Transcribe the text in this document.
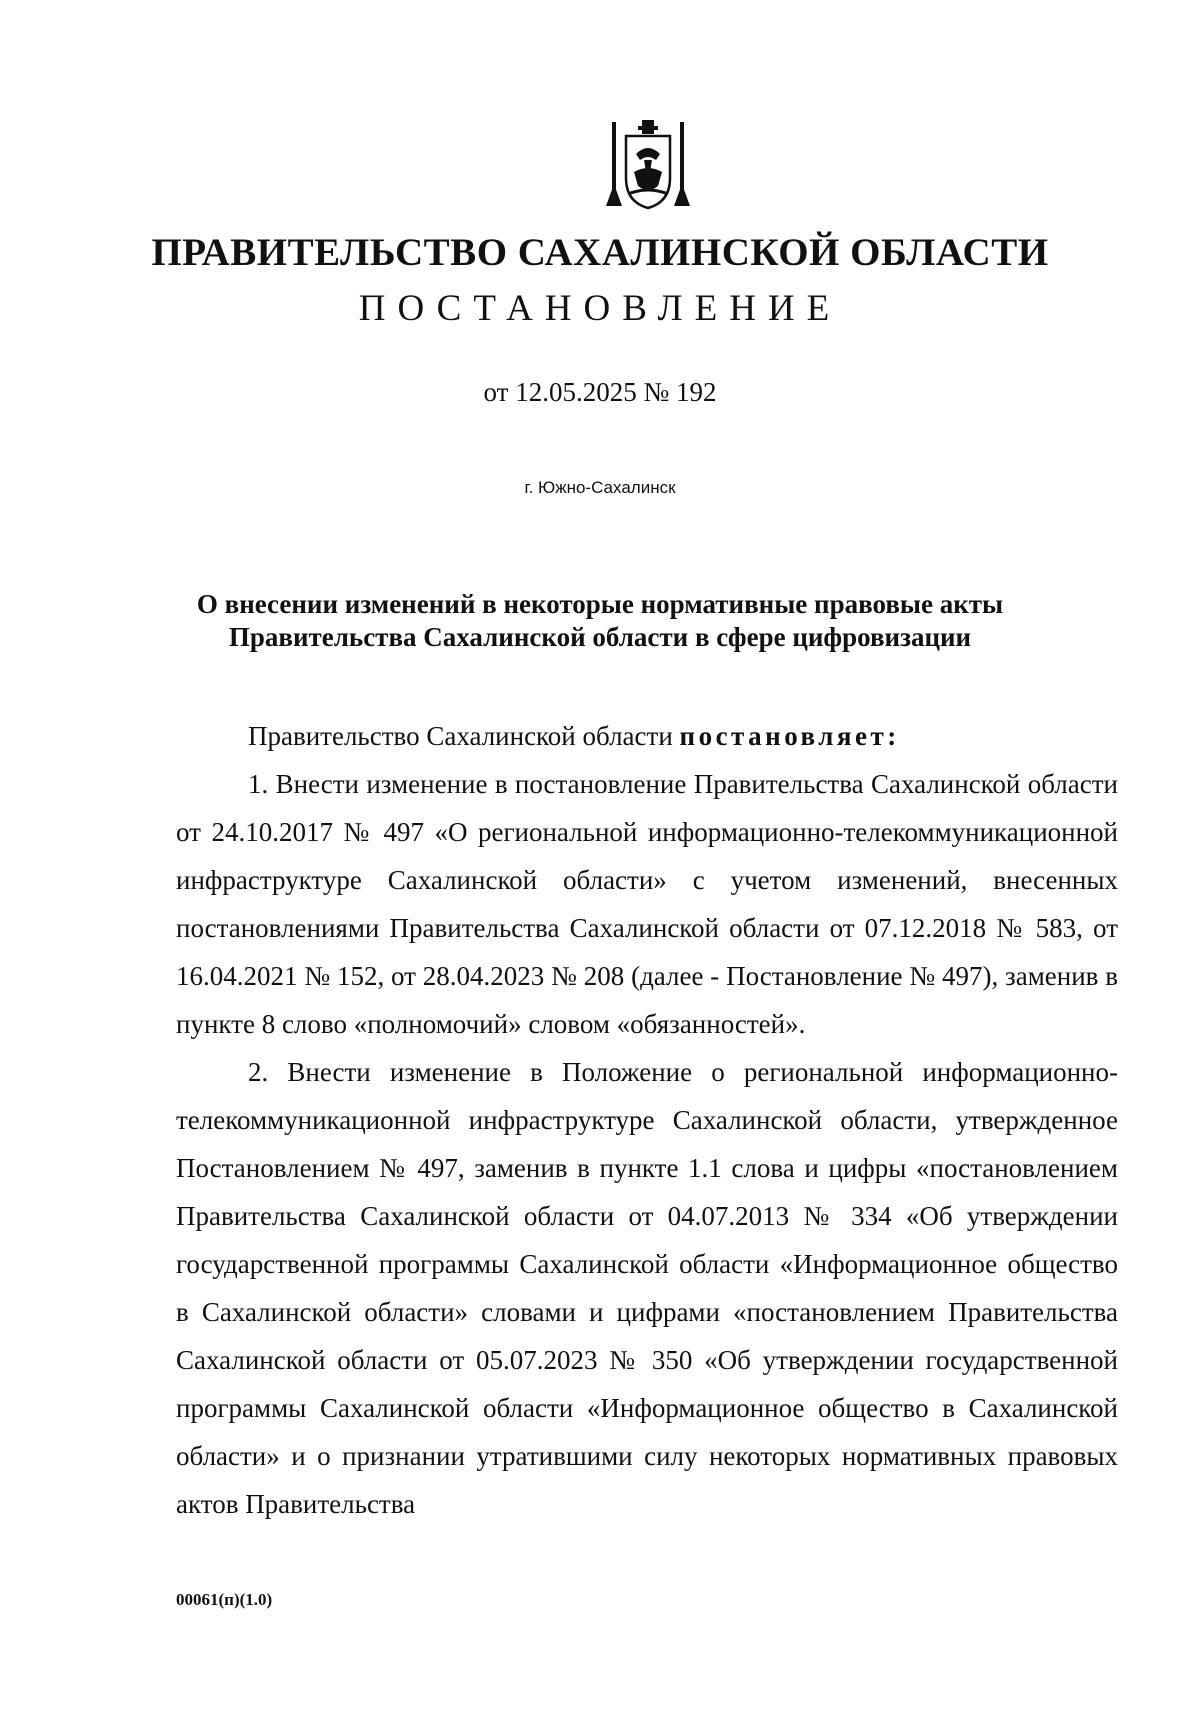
ПРАВИТЕЛЬСТВО САХАЛИНСКОЙ ОБЛАСТИ
ПОСТАНОВЛЕНИЕ
от 12.05.2025 № 192
г. Южно-Сахалинск
О внесении изменений в некоторые нормативные правовые акты
Правительства Сахалинской области в сфере цифровизации

Правительство Сахалинской области постановляет:

1. Внести изменение в постановление Правительства Сахалинской области от 24.10.2017 № 497 «О региональной информационно-телекоммуникационной инфраструктуре Сахалинской области» с учетом изменений, внесенных постановлениями Правительства Сахалинской области от 07.12.2018 № 583, от 16.04.2021 № 152, от 28.04.2023 № 208 (далее - Постановление № 497), заменив в пункте 8 слово «полномочий» словом «обязанностей».

2. Внести изменение в Положение о региональной информационно-телекоммуникационной инфраструктуре Сахалинской области, утвержденное Постановлением № 497, заменив в пункте 1.1 слова и цифры «постановлением Правительства Сахалинской области от 04.07.2013 № 334 «Об утверждении государственной программы Сахалинской области «Информационное общество в Сахалинской области» словами и цифрами «постановлением Правительства Сахалинской области от 05.07.2023 № 350 «Об утверждении государственной программы Сахалинской области «Информационное общество в Сахалинской области» и о признании утратившими силу некоторых нормативных правовых актов Правительства

00061(п)(1.0)
